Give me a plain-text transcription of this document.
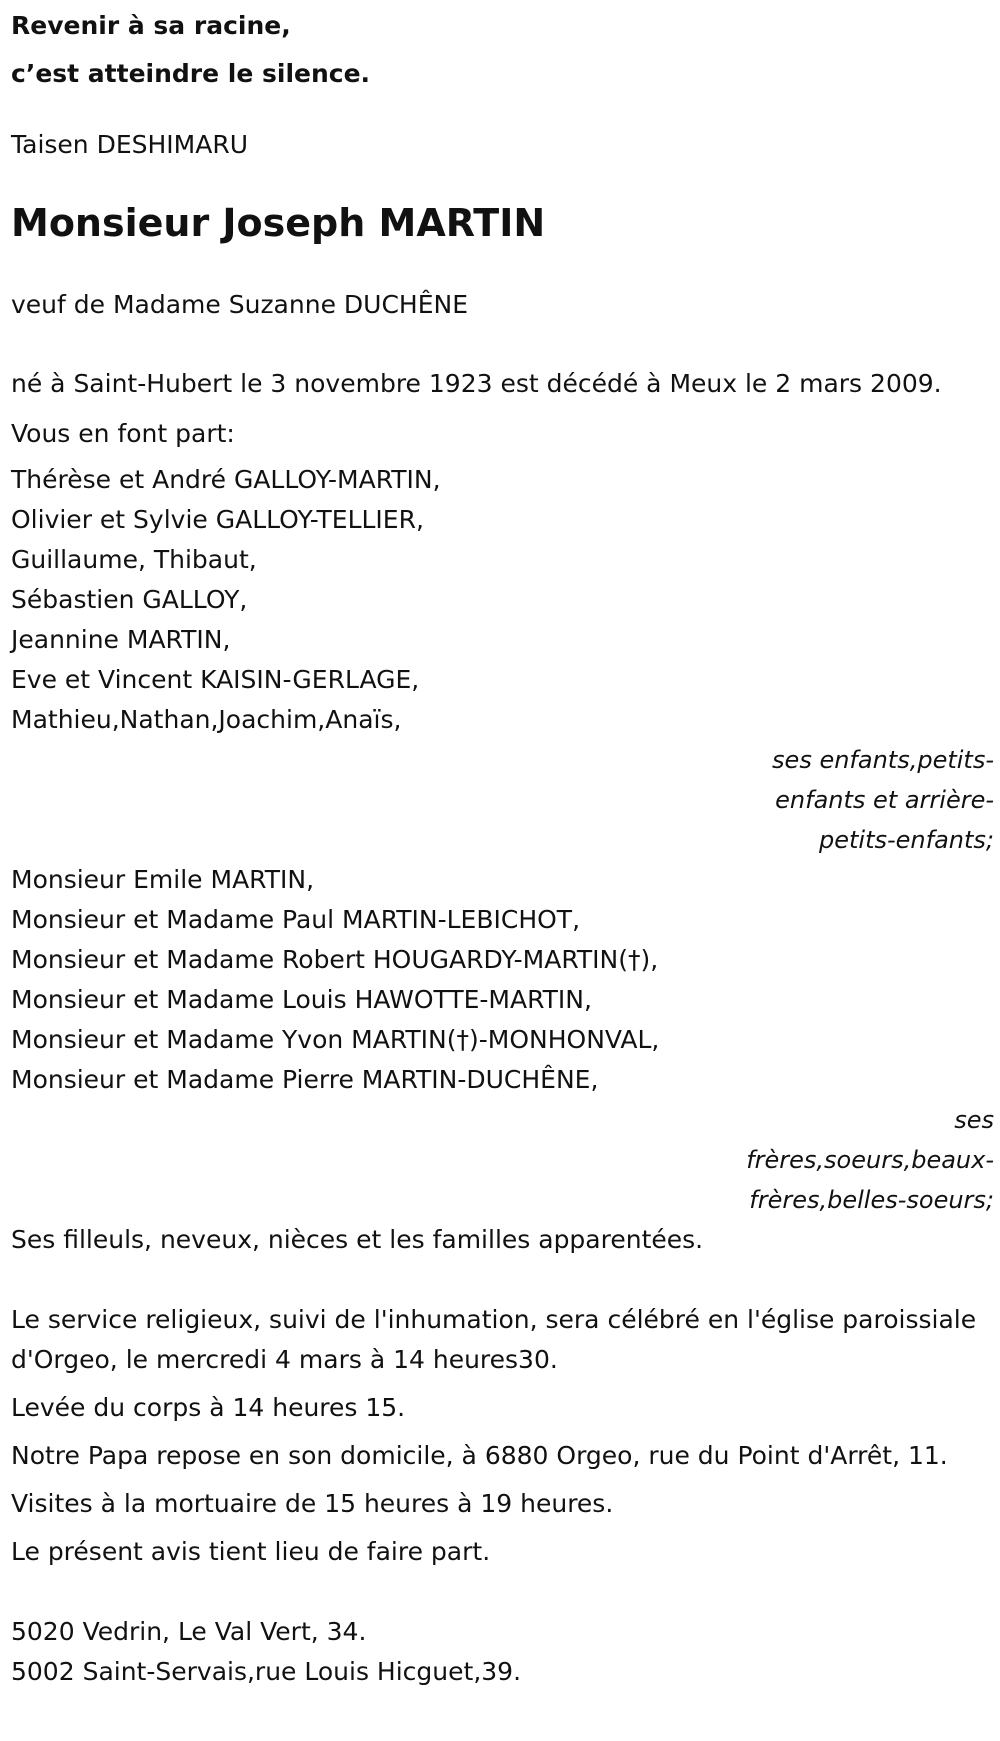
Revenir à sa racine,
c’est atteindre le silence.
Taisen DESHIMARU
Monsieur Joseph MARTIN

veuf de Madame Suzanne DUCHÊNE

né à Saint-Hubert le 3 novembre 1923 est décédé à Meux le 2 mars 2009.

Vous en font part:

Thérèse et André GALLOY-MARTIN,
Olivier et Sylvie GALLOY-TELLIER,
Guillaume, Thibaut,
Sébastien GALLOY,
Jeannine MARTIN,
Eve et Vincent KAISIN-GERLAGE,
Mathieu,Nathan,Joachim,Anaïs,
ses enfants,petits-enfants et arrière-petits-enfants;
Monsieur Emile MARTIN,
Monsieur et Madame Paul MARTIN-LEBICHOT,
Monsieur et Madame Robert HOUGARDY-MARTIN(†),
Monsieur et Madame Louis HAWOTTE-MARTIN,
Monsieur et Madame Yvon MARTIN(†)-MONHONVAL,
Monsieur et Madame Pierre MARTIN-DUCHÊNE,
ses frères,soeurs,beaux-frères,belles-soeurs;

Ses filleuls, neveux, nièces et les familles apparentées.

Le service religieux, suivi de l'inhumation, sera célébré en l'église paroissiale d'Orgeo, le mercredi 4 mars à 14 heures30.

Levée du corps à 14 heures 15.

Notre Papa repose en son domicile, à 6880 Orgeo, rue du Point d'Arrêt, 11.

Visites à la mortuaire de 15 heures à 19 heures.

Le présent avis tient lieu de faire part.

5020 Vedrin, Le Val Vert, 34.

5002 Saint-Servais,rue Louis Hicguet,39.
